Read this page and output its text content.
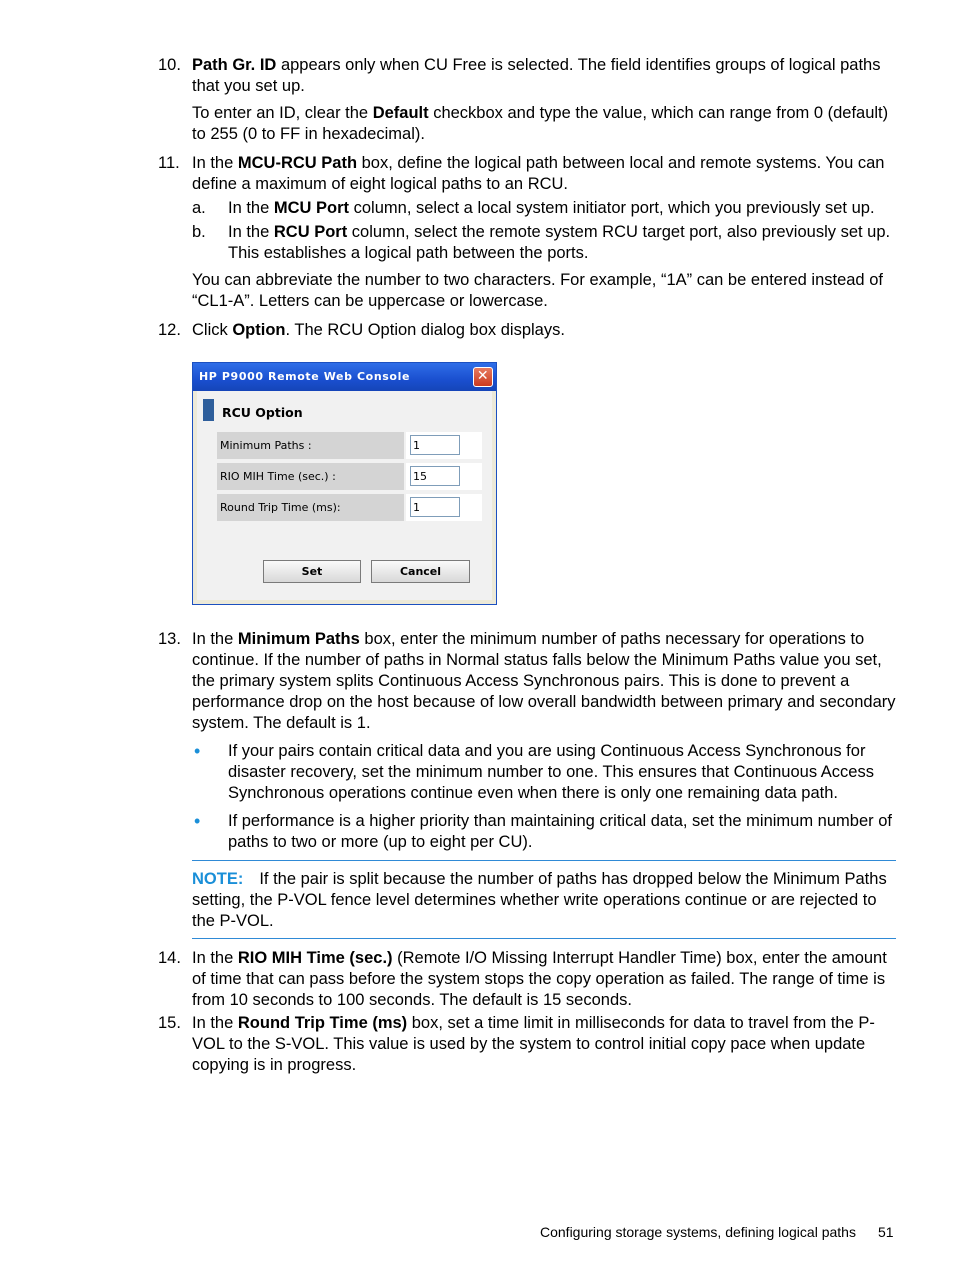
10. Path Gr. ID appears only when CU Free is selected. The field identifies groups of logical paths that you set up.

To enter an ID, clear the Default checkbox and type the value, which can range from 0 (default) to 255 (0 to FF in hexadecimal).

11. In the MCU-RCU Path box, define the logical path between local and remote systems. You can define a maximum of eight logical paths to an RCU.

a. In the MCU Port column, select a local system initiator port, which you previously set up.
b. In the RCU Port column, select the remote system RCU target port, also previously set up. This establishes a logical path between the ports.

You can abbreviate the number to two characters. For example, “1A” can be entered instead of “CL1-A”. Letters can be uppercase or lowercase.

12. Click Option. The RCU Option dialog box displays.

HP P9000 Remote Web Console	✕
RCU Option
Minimum Paths :
1
RIO MIH Time (sec.) :
15
Round Trip Time (ms):
1
Set	Cancel
13. In the Minimum Paths box, enter the minimum number of paths necessary for operations to continue. If the number of paths in Normal status falls below the Minimum Paths value you set, the primary system splits Continuous Access Synchronous pairs. This is done to prevent a performance drop on the host because of low overall bandwidth between primary and secondary system. The default is 1.

• If your pairs contain critical data and you are using Continuous Access Synchronous for disaster recovery, set the minimum number to one. This ensures that Continuous Access Synchronous operations continue even when there is only one remaining data path.
• If performance is a higher priority than maintaining critical data, set the minimum number of paths to two or more (up to eight per CU).
NOTE: If the pair is split because the number of paths has dropped below the Minimum Paths setting, the P-VOL fence level determines whether write operations continue or are rejected to the P-VOL.
14. In the RIO MIH Time (sec.) (Remote I/O Missing Interrupt Handler Time) box, enter the amount of time that can pass before the system stops the copy operation as failed. The range of time is from 10 seconds to 100 seconds. The default is 15 seconds.

15. In the Round Trip Time (ms) box, set a time limit in milliseconds for data to travel from the P-VOL to the S-VOL. This value is used by the system to control initial copy pace when update copying is in progress.

Configuring storage systems, defining logical paths 51
